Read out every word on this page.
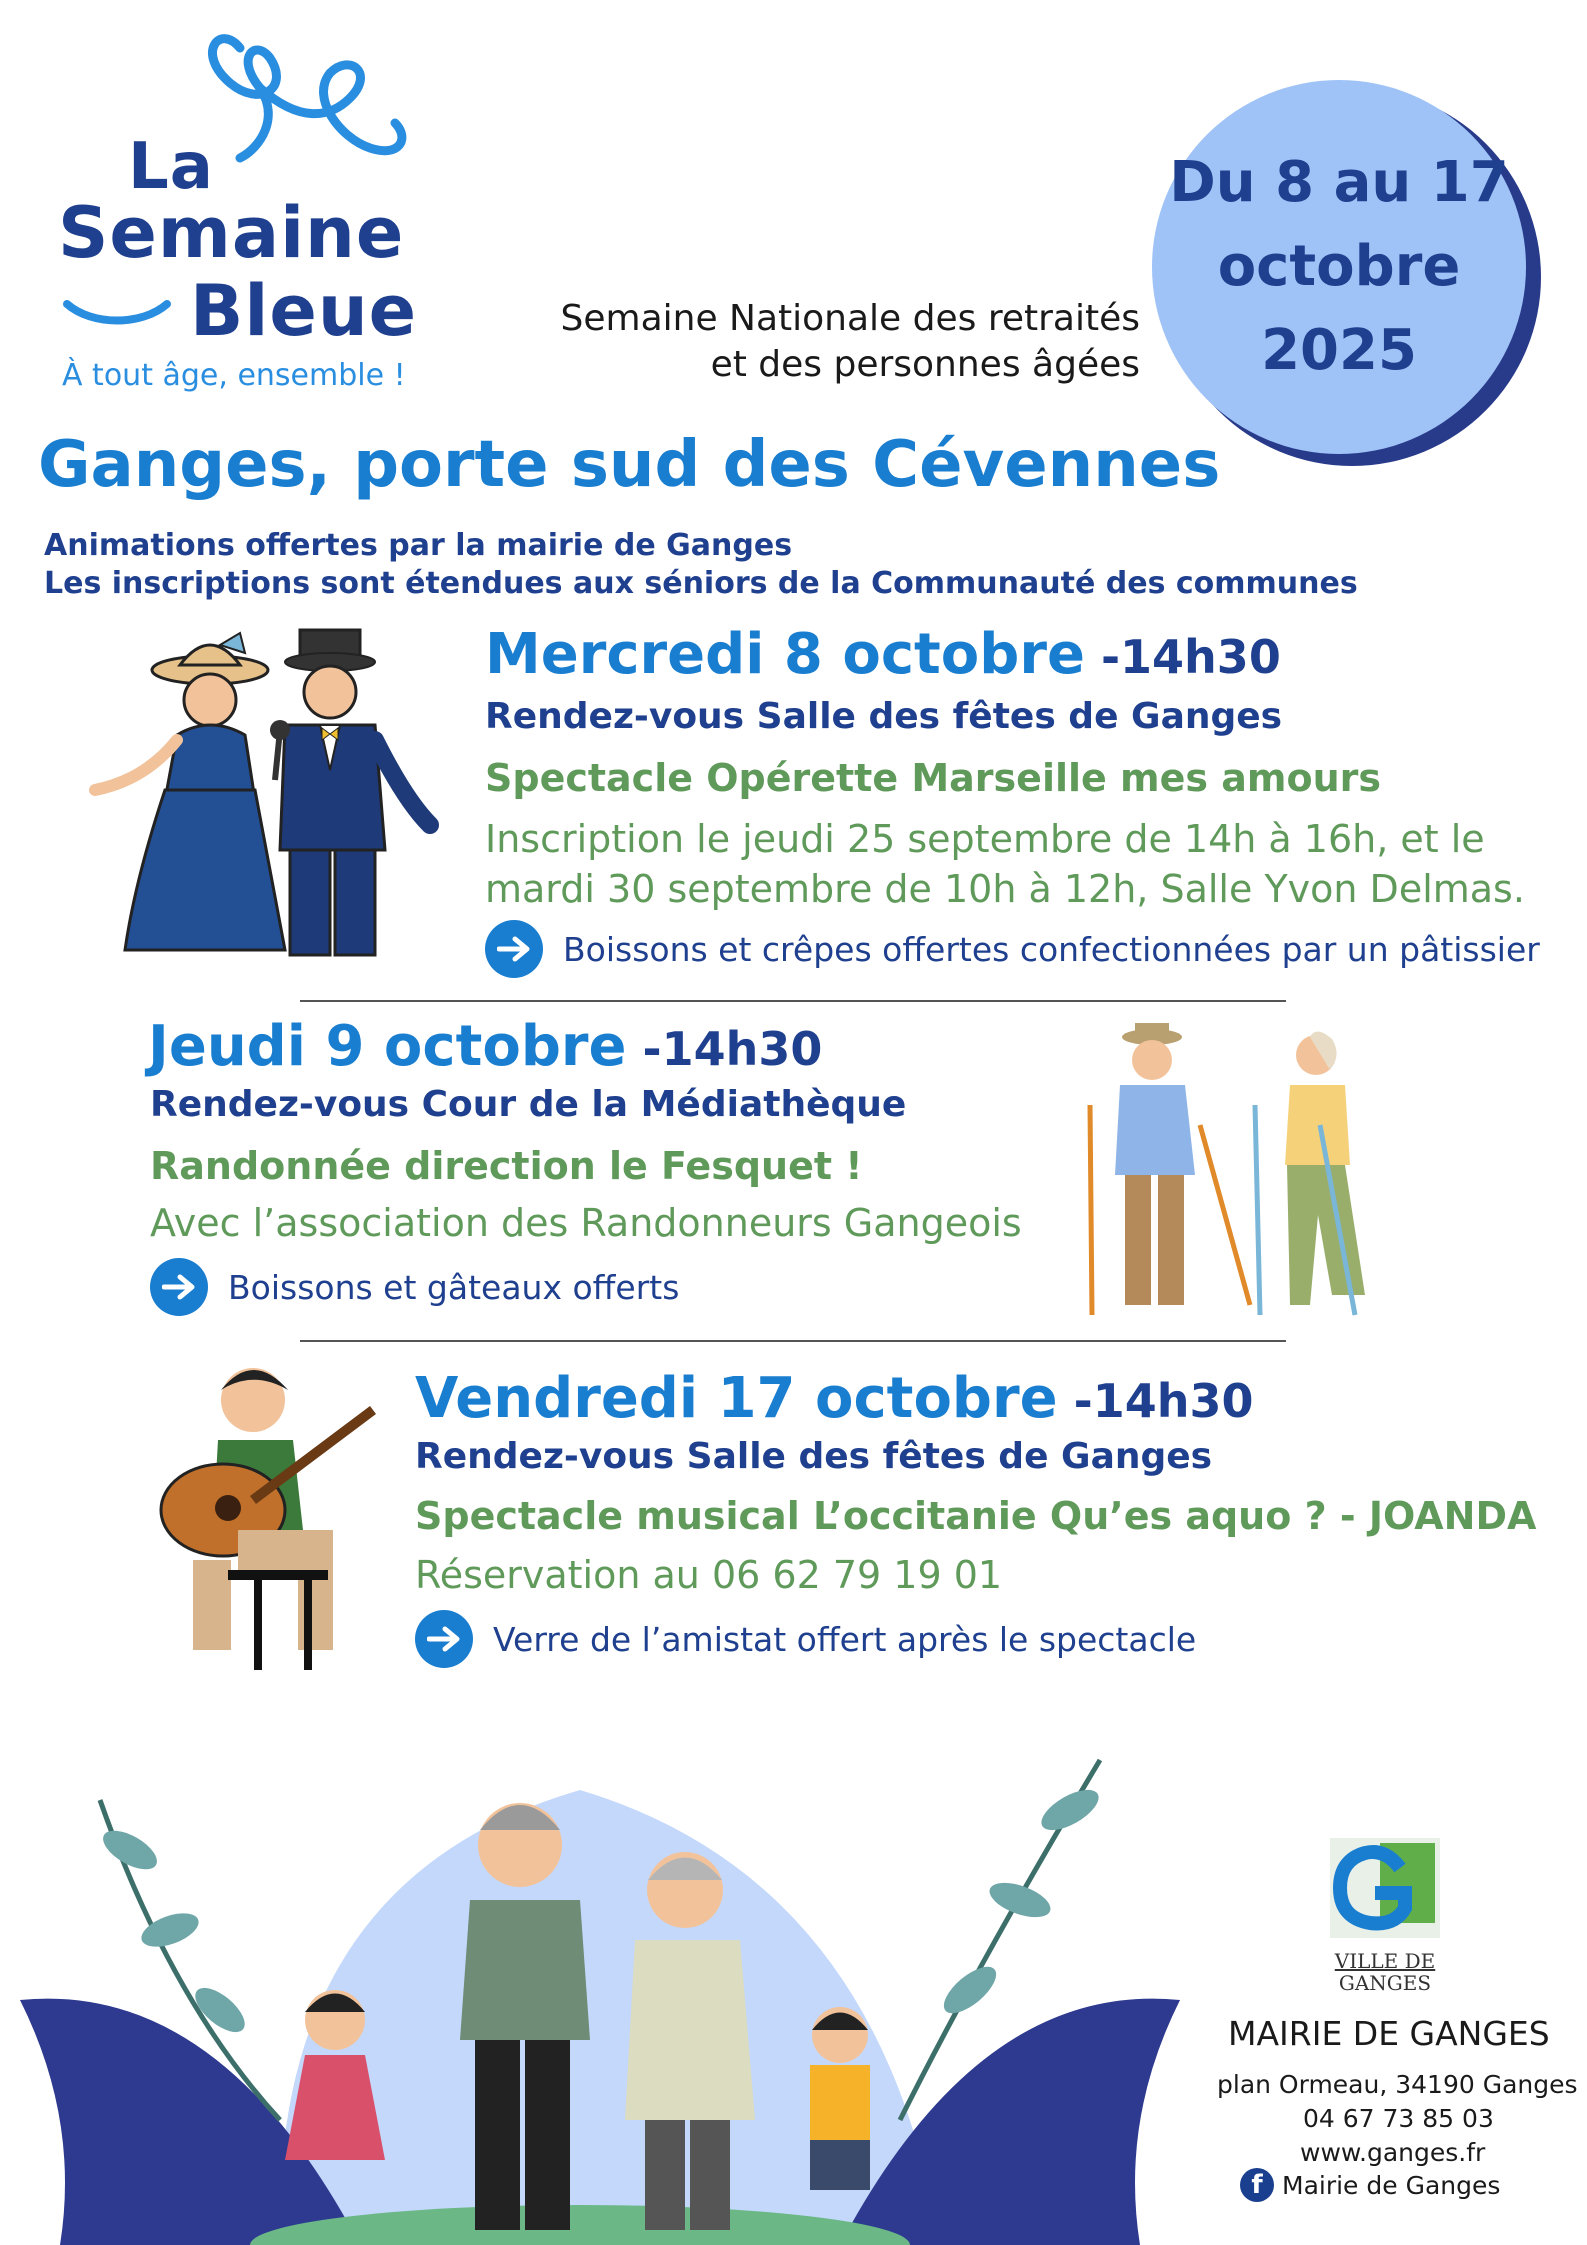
La
Semaine
Bleue
À tout âge, ensemble !
Semaine Nationale des retraités
et des personnes âgées
Du 8 au 17
octobre
2025
Ganges, porte sud des Cévennes
Animations offertes par la mairie de Ganges
Les inscriptions sont étendues aux séniors de la Communauté des communes
Mercredi 8 octobre -14h30
Rendez-vous Salle des fêtes de Ganges
Spectacle Opérette Marseille mes amours
Inscription le jeudi 25 septembre de 14h à 16h, et le
mardi 30 septembre de 10h à 12h, Salle Yvon Delmas.
Boissons et crêpes offertes confectionnées par un pâtissier
Jeudi 9 octobre -14h30
Rendez-vous Cour de la Médiathèque
Randonnée direction le Fesquet !
Avec l’association des Randonneurs Gangeois
Boissons et gâteaux offerts
Vendredi 17 octobre -14h30
Rendez-vous Salle des fêtes de Ganges
Spectacle musical L’occitanie Qu’es aquo ? - JOANDA
Réservation au 06 62 79 19 01
Verre de l’amistat offert après le spectacle
VILLE DE
GANGES
MAIRIE DE GANGES
plan Ormeau, 34190 Ganges
04 67 73 85 03
www.ganges.fr
f Mairie de Ganges
